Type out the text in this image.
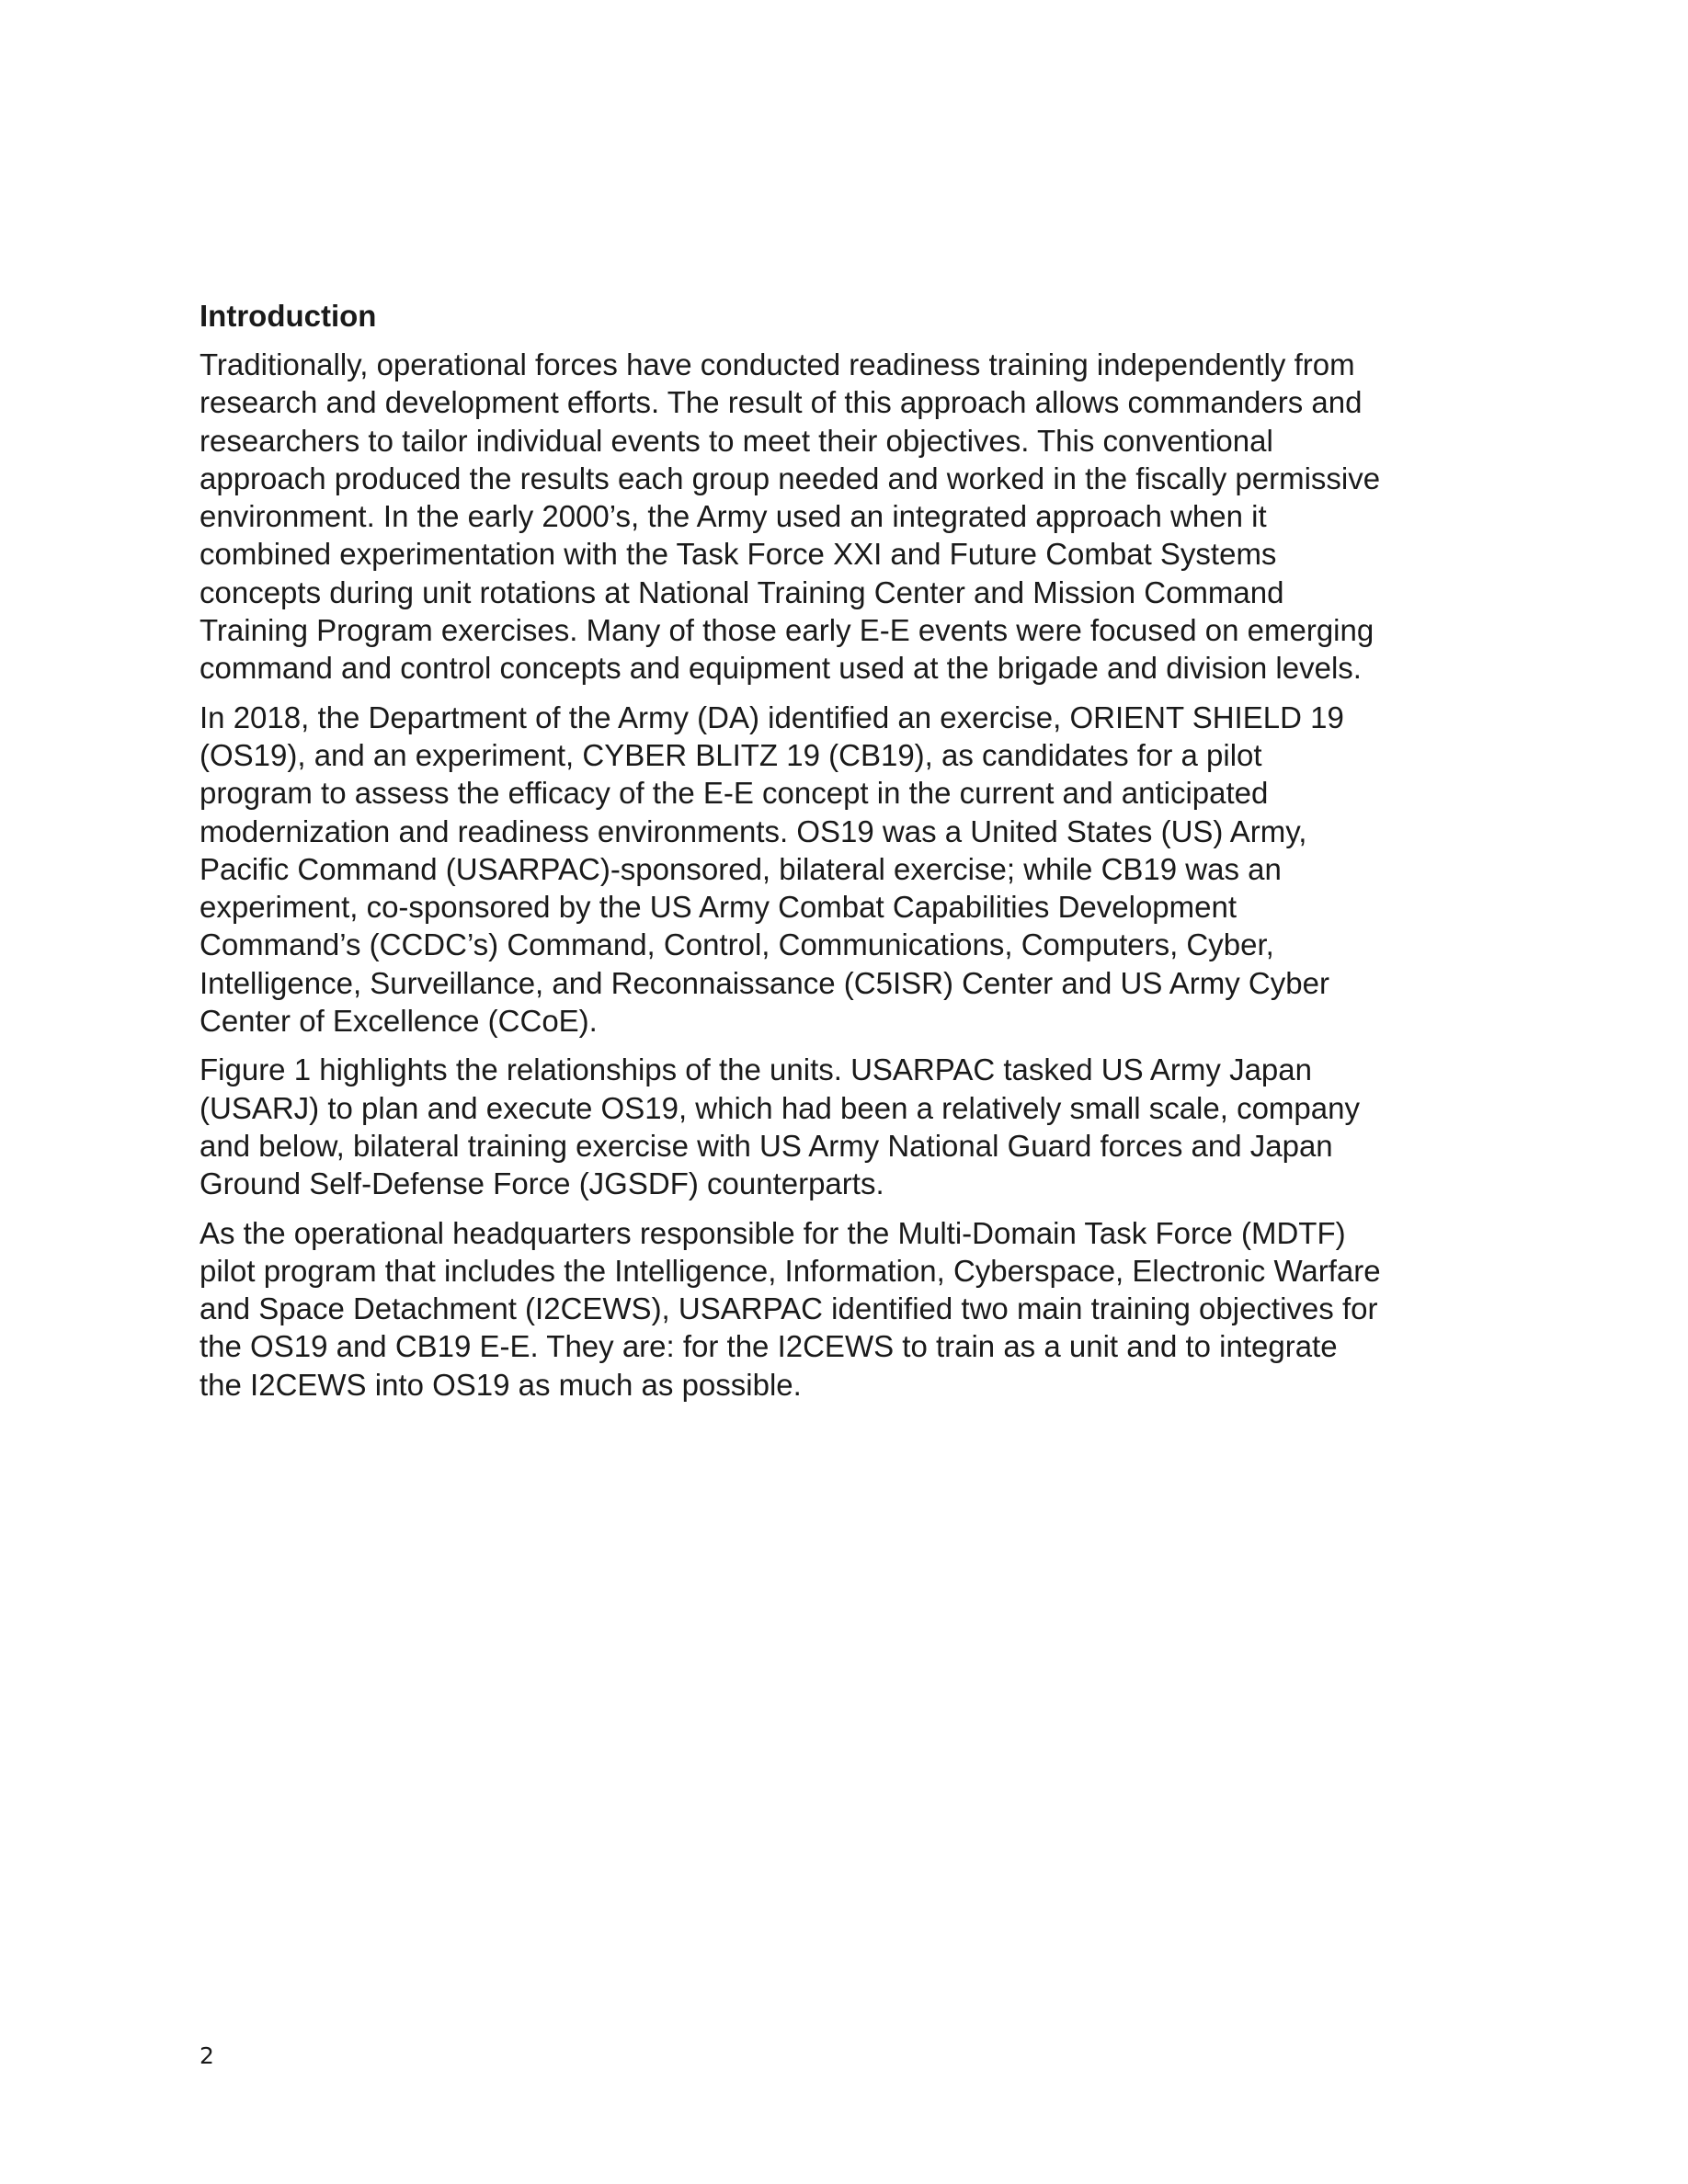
Introduction

Traditionally, operational forces have conducted readiness training independently from
research and development efforts. The result of this approach allows commanders and
researchers to tailor individual events to meet their objectives. This conventional
approach produced the results each group needed and worked in the fiscally permissive
environment. In the early 2000’s, the Army used an integrated approach when it
combined experimentation with the Task Force XXI and Future Combat Systems
concepts during unit rotations at National Training Center and Mission Command
Training Program exercises. Many of those early E-E events were focused on emerging
command and control concepts and equipment used at the brigade and division levels.

In 2018, the Department of the Army (DA) identified an exercise, ORIENT SHIELD 19
(OS19), and an experiment, CYBER BLITZ 19 (CB19), as candidates for a pilot
program to assess the efficacy of the E-E concept in the current and anticipated
modernization and readiness environments. OS19 was a United States (US) Army,
Pacific Command (USARPAC)-sponsored, bilateral exercise; while CB19 was an
experiment, co-sponsored by the US Army Combat Capabilities Development
Command’s (CCDC’s) Command, Control, Communications, Computers, Cyber,
Intelligence, Surveillance, and Reconnaissance (C5ISR) Center and US Army Cyber
Center of Excellence (CCoE).

Figure 1 highlights the relationships of the units. USARPAC tasked US Army Japan
(USARJ) to plan and execute OS19, which had been a relatively small scale, company
and below, bilateral training exercise with US Army National Guard forces and Japan
Ground Self-Defense Force (JGSDF) counterparts.

As the operational headquarters responsible for the Multi-Domain Task Force (MDTF)
pilot program that includes the Intelligence, Information, Cyberspace, Electronic Warfare
and Space Detachment (I2CEWS), USARPAC identified two main training objectives for
the OS19 and CB19 E-E. They are: for the I2CEWS to train as a unit and to integrate
the I2CEWS into OS19 as much as possible.

2
